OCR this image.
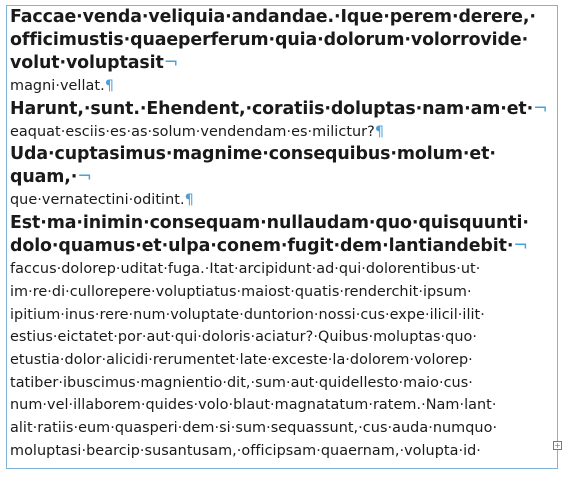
Faccae·venda·veliquia·andandae.·Ique·perem·derere,·
officimustis·quaeperferum·quia·dolorum·volorrovide·
volut·voluptasit¬
magni·vellat.¶
Harunt,·sunt.·Ehendent,·coratiis·doluptas·nam·am·et·¬
eaquat·esciis·es·as·solum·vendendam·es·milictur?¶
Uda·cuptasimus·magnime·consequibus·molum·et·
quam,·¬
que·vernatectini·oditint.¶
Est·ma·inimin·consequam·nullaudam·quo·quisquunti·
dolo·quamus·et·ulpa·conem·fugit·dem·lantiandebit·¬
faccus·dolorep·uditat·fuga.·Itat·arcipidunt·ad·qui·dolorentibus·ut·
im·re·di·cullorepere·voluptiatus·maiost·quatis·renderchit·ipsum·
ipitium·inus·rere·num·voluptate·duntorion·nossi·cus·expe·ilicil·ilit·
estius·eictatet·por·aut·qui·doloris·aciatur?·Quibus·moluptas·quo·
etustia·dolor·alicidi·rerumentet·late·exceste·la·dolorem·volorep·
tatiber·ibuscimus·magnientio·dit,·sum·aut·quidellesto·maio·cus·
num·vel·illaborem·quides·volo·blaut·magnatatum·ratem.·Nam·lant·
alit·ratiis·eum·quasperi·dem·si·sum·sequassunt,·cus·auda·numquo·
moluptasi·bearcip·susantusam,·officipsam·quaernam,·volupta·id·	+
